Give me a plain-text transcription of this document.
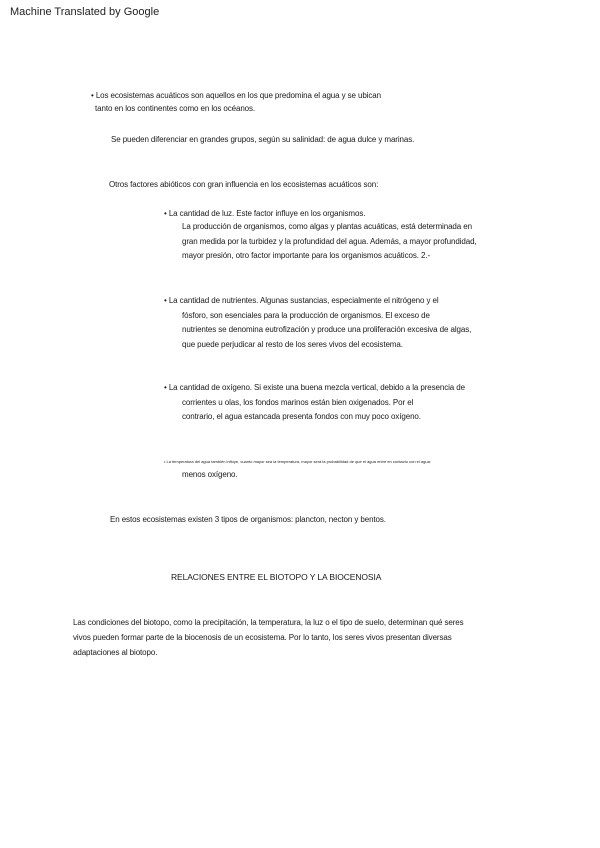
Machine Translated by Google
• Los ecosistemas acuáticos son aquellos en los que predomina el agua y se ubican
tanto en los continentes como en los océanos.
Se pueden diferenciar en grandes grupos, según su salinidad: de agua dulce y marinas.
Otros factores abióticos con gran influencia en los ecosistemas acuáticos son:
• La cantidad de luz. Este factor influye en los organismos.
La producción de organismos, como algas y plantas acuáticas, está determinada en
gran medida por la turbidez y la profundidad del agua. Además, a mayor profundidad,
mayor presión, otro factor importante para los organismos acuáticos. 2.-
• La cantidad de nutrientes. Algunas sustancias, especialmente el nitrógeno y el
fósforo, son esenciales para la producción de organismos. El exceso de
nutrientes se denomina eutrofización y produce una proliferación excesiva de algas,
que puede perjudicar al resto de los seres vivos del ecosistema.
• La cantidad de oxígeno. Si existe una buena mezcla vertical, debido a la presencia de
corrientes u olas, los fondos marinos están bien oxigenados. Por el
contrario, el agua estancada presenta fondos con muy poco oxígeno.
• La temperatura del agua también influye, cuanto mayor sea la temperatura, mayor será la probabilidad de que el agua entre en contacto con el agua:
menos oxígeno.
En estos ecosistemas existen 3 tipos de organismos: plancton, necton y bentos.
RELACIONES ENTRE EL BIOTOPO Y LA BIOCENOSIA
Las condiciones del biotopo, como la precipitación, la temperatura, la luz o el tipo de suelo, determinan qué seres
vivos pueden formar parte de la biocenosis de un ecosistema. Por lo tanto, los seres vivos presentan diversas
adaptaciones al biotopo.
